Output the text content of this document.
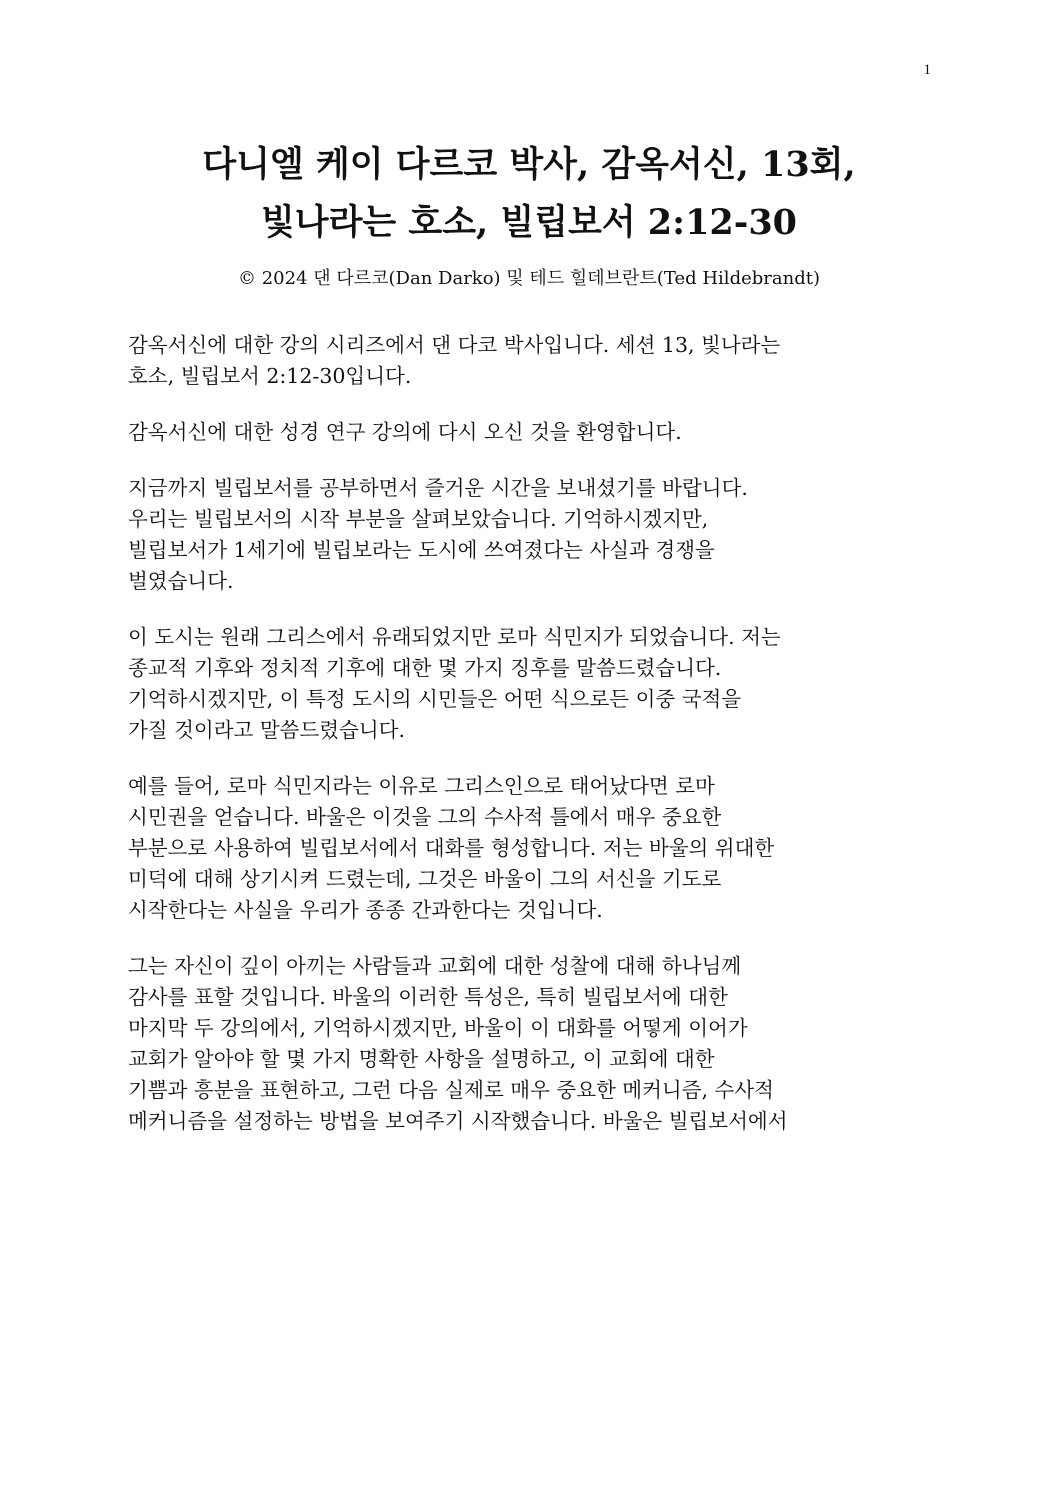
1
다니엘 케이 다르코 박사, 감옥서신, 13회,
빛나라는 호소, 빌립보서 2:12-30
© 2024 댄 다르코(Dan Darko) 및 테드 힐데브란트(Ted Hildebrandt)

감옥서신에 대한 강의 시리즈에서 댄 다코 박사입니다. 세션 13, 빛나라는
호소, 빌립보서 2:12-30입니다.

감옥서신에 대한 성경 연구 강의에 다시 오신 것을 환영합니다.

지금까지 빌립보서를 공부하면서 즐거운 시간을 보내셨기를 바랍니다.
우리는 빌립보서의 시작 부분을 살펴보았습니다. 기억하시겠지만,
빌립보서가 1세기에 빌립보라는 도시에 쓰여졌다는 사실과 경쟁을
벌였습니다.

이 도시는 원래 그리스에서 유래되었지만 로마 식민지가 되었습니다. 저는
종교적 기후와 정치적 기후에 대한 몇 가지 징후를 말씀드렸습니다.
기억하시겠지만, 이 특정 도시의 시민들은 어떤 식으로든 이중 국적을
가질 것이라고 말씀드렸습니다.

예를 들어, 로마 식민지라는 이유로 그리스인으로 태어났다면 로마
시민권을 얻습니다. 바울은 이것을 그의 수사적 틀에서 매우 중요한
부분으로 사용하여 빌립보서에서 대화를 형성합니다. 저는 바울의 위대한
미덕에 대해 상기시켜 드렸는데, 그것은 바울이 그의 서신을 기도로
시작한다는 사실을 우리가 종종 간과한다는 것입니다.

그는 자신이 깊이 아끼는 사람들과 교회에 대한 성찰에 대해 하나님께
감사를 표할 것입니다. 바울의 이러한 특성은, 특히 빌립보서에 대한
마지막 두 강의에서, 기억하시겠지만, 바울이 이 대화를 어떻게 이어가
교회가 알아야 할 몇 가지 명확한 사항을 설명하고, 이 교회에 대한
기쁨과 흥분을 표현하고, 그런 다음 실제로 매우 중요한 메커니즘, 수사적
메커니즘을 설정하는 방법을 보여주기 시작했습니다. 바울은 빌립보서에서
